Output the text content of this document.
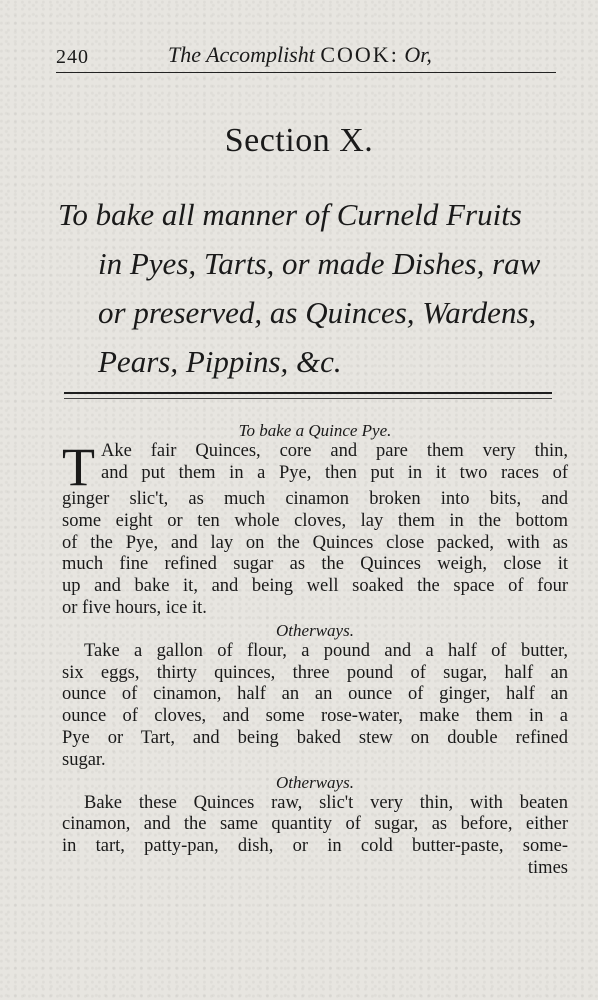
240	The Accomplisht COOK: Or,
Section X.
To bake all manner of Curneld Fruits
in Pyes, Tarts, or made Dishes, raw
or preserved, as Quinces, Wardens,
Pears, Pippins, &c.
To bake a Quince Pye.
T Ake fair Quinces, core and pare them very thin,
and put them in a Pye, then put in it two races of
ginger slic't, as much cinamon broken into bits, and
some eight or ten whole cloves, lay them in the bottom
of the Pye, and lay on the Quinces close packed, with as
much fine refined sugar as the Quinces weigh, close it
up and bake it, and being well soaked the space of four
or five hours, ice it.
Otherways.
Take a gallon of flour, a pound and a half of butter,
six eggs, thirty quinces, three pound of sugar, half an
ounce of cinamon, half an an ounce of ginger, half an
ounce of cloves, and some rose-water, make them in a
Pye or Tart, and being baked stew on double refined
sugar.
Otherways.
Bake these Quinces raw, slic't very thin, with beaten
cinamon, and the same quantity of sugar, as before, either
in tart, patty-pan, dish, or in cold butter-paste, some-
times
